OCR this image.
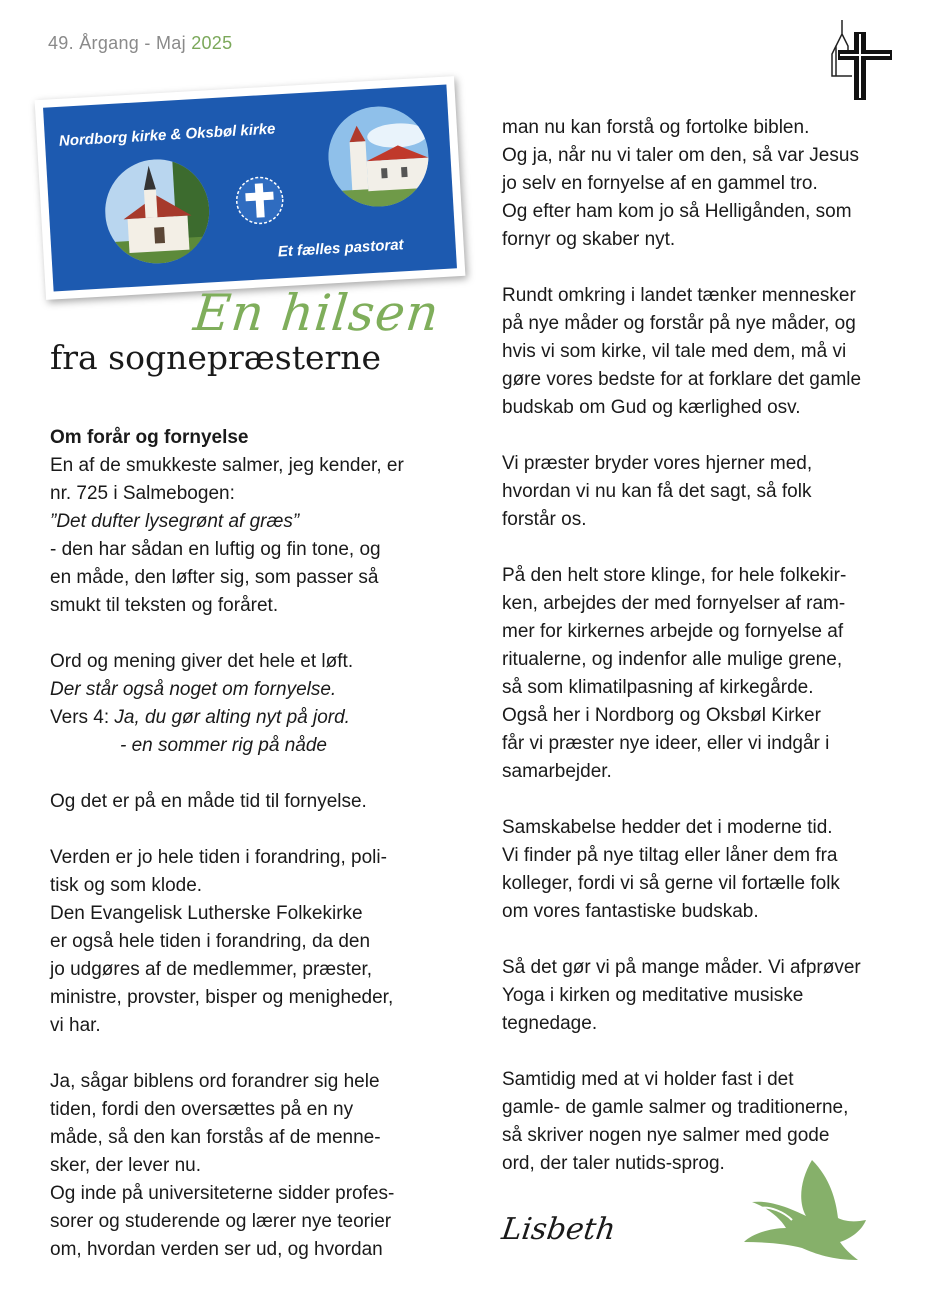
49. Årgang - Maj 2025
Nordborg kirke & Oksbøl kirke
Et fælles pastorat
En hilsen
fra sognepræsterne

Om forår og fornyelse

En af de smukkeste salmer, jeg kender, er

nr. 725 i Salmebogen:

”Det dufter lysegrønt af græs”

- den har sådan en luftig og fin tone, og

en måde, den løfter sig, som passer så

smukt til teksten og foråret.

Ord og mening giver det hele et løft.

Der står også noget om fornyelse.

Vers 4: Ja, du gør alting nyt på jord.

- en sommer rig på nåde

Og det er på en måde tid til fornyelse.

Verden er jo hele tiden i forandring, poli-

tisk og som klode.

Den Evangelisk Lutherske Folkekirke

er også hele tiden i forandring, da den

jo udgøres af de medlemmer, præster,

ministre, provster, bisper og menigheder,

vi har.

Ja, sågar biblens ord forandrer sig hele

tiden, fordi den oversættes på en ny

måde, så den kan forstås af de menne-

sker, der lever nu.

Og inde på universiteterne sidder profes-

sorer og studerende og lærer nye teorier

om, hvordan verden ser ud, og hvordan

man nu kan forstå og fortolke biblen.

Og ja, når nu vi taler om den, så var Jesus

jo selv en fornyelse af en gammel tro.

Og efter ham kom jo så Helligånden, som

fornyr og skaber nyt.

Rundt omkring i landet tænker mennesker

på nye måder og forstår på nye måder, og

hvis vi som kirke, vil tale med dem, må vi

gøre vores bedste for at forklare det gamle

budskab om Gud og kærlighed osv.

Vi præster bryder vores hjerner med,

hvordan vi nu kan få det sagt, så folk

forstår os.

På den helt store klinge, for hele folkekir-

ken, arbejdes der med fornyelser af ram-

mer for kirkernes arbejde og fornyelse af

ritualerne, og indenfor alle mulige grene,

så som klimatilpasning af kirkegårde.

Også her i Nordborg og Oksbøl Kirker

får vi præster nye ideer, eller vi indgår i

samarbejder.

Samskabelse hedder det i moderne tid.

Vi finder på nye tiltag eller låner dem fra

kolleger, fordi vi så gerne vil fortælle folk

om vores fantastiske budskab.

Så det gør vi på mange måder. Vi afprøver

Yoga i kirken og meditative musiske

tegnedage.

Samtidig med at vi holder fast i det

gamle- de gamle salmer og traditionerne,

så skriver nogen nye salmer med gode

ord, der taler nutids-sprog.

Lisbeth
